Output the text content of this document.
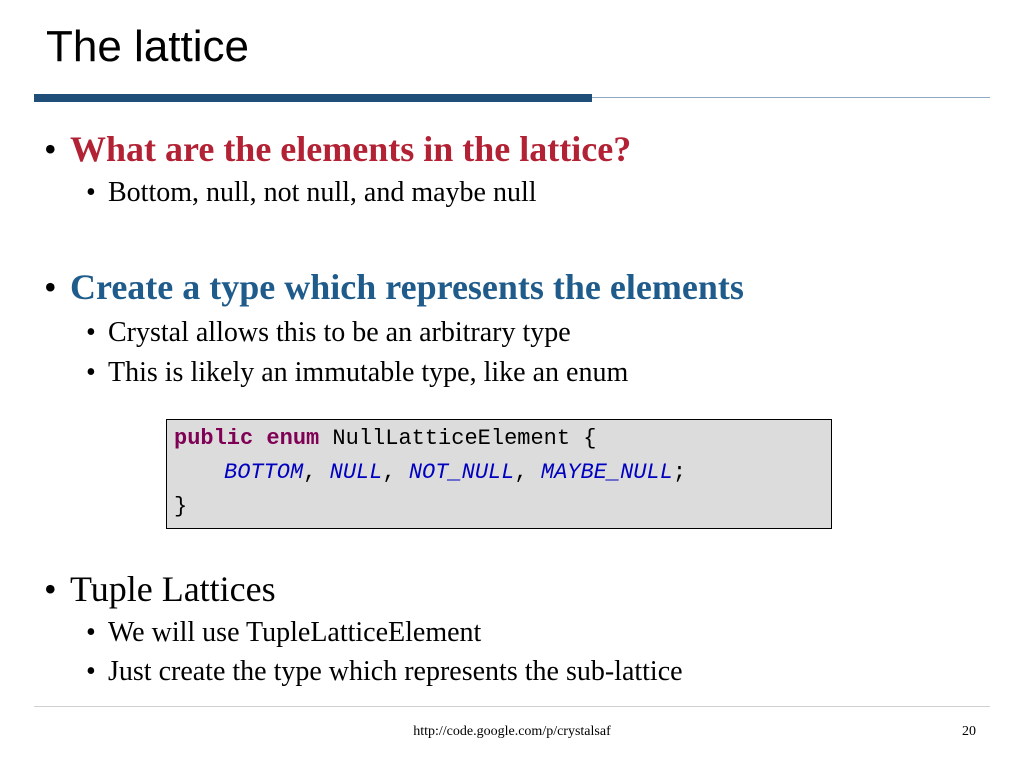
The lattice
• What are the elements in the lattice?
• Bottom, null, not null, and maybe null
• Create a type which represents the elements
• Crystal allows this to be an arbitrary type
• This is likely an immutable type, like an enum
public enum NullLatticeElement {
BOTTOM, NULL, NOT_NULL, MAYBE_NULL;
}
• Tuple Lattices
• We will use TupleLatticeElement
• Just create the type which represents the sub-lattice
http://code.google.com/p/crystalsaf	20
